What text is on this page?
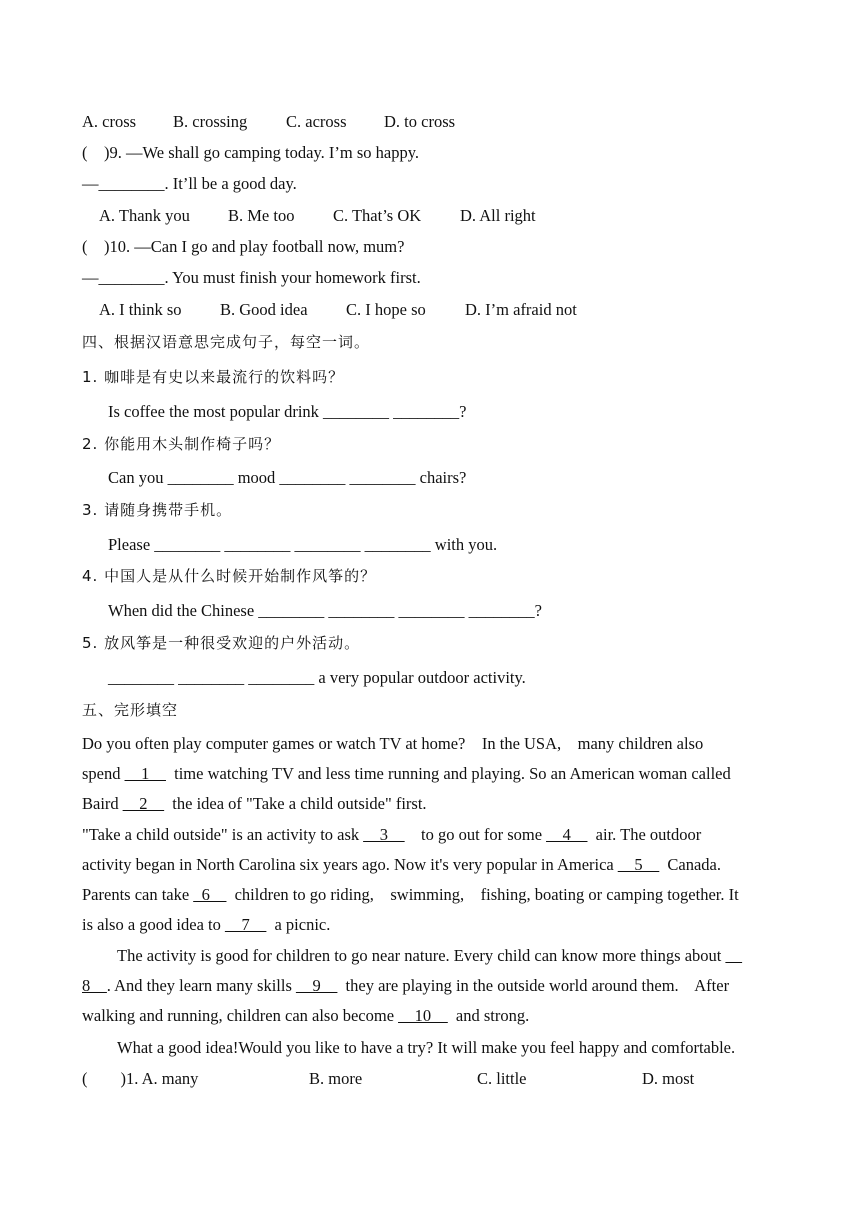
A. cross B. crossing C. across D. to cross
(    )9. —We shall go camping today. I’m so happy.
—________. It’ll be a good day.
A. Thank you B. Me too C. That’s OK D. All right
(    )10. —Can I go and play football now, mum?
—________. You must finish your homework first.
A. I think so B. Good idea C. I hope so D. I’m afraid not
四、根据汉语意思完成句子，每空一词。
1. 咖啡是有史以来最流行的饮料吗？
Is coffee the most popular drink ________ ________?
2. 你能用木头制作椅子吗？
Can you ________ mood ________ ________ chairs?
3. 请随身携带手机。
Please ________ ________ ________ ________ with you.
4. 中国人是从什么时候开始制作风筝的？
When did the Chinese ________ ________ ________ ________?
5. 放风筝是一种很受欢迎的户外活动。
________ ________ ________ a very popular outdoor activity.
五、完形填空
Do you often play computer games or watch TV at home?    In the USA,    many children also
spend __1__  time watching TV and less time running and playing. So an American woman called
Baird __2__  the idea of "Take a child outside" first.
"Take a child outside" is an activity to ask __3__    to go out for some __4__  air. The outdoor
activity began in North Carolina six years ago. Now it's very popular in America __5__  Canada.
Parents can take _6__  children to go riding,    swimming,    fishing, boating or camping together. It
is also a good idea to __7__  a picnic.
The activity is good for children to go near nature. Every child can know more things about __
8__. And they learn many skills __9__  they are playing in the outside world around them.    After
walking and running, children can also become __10__  and strong.
What a good idea!Would you like to have a try? It will make you feel happy and comfortable.
(        )1. A. many	B. more	C. little	D. most
